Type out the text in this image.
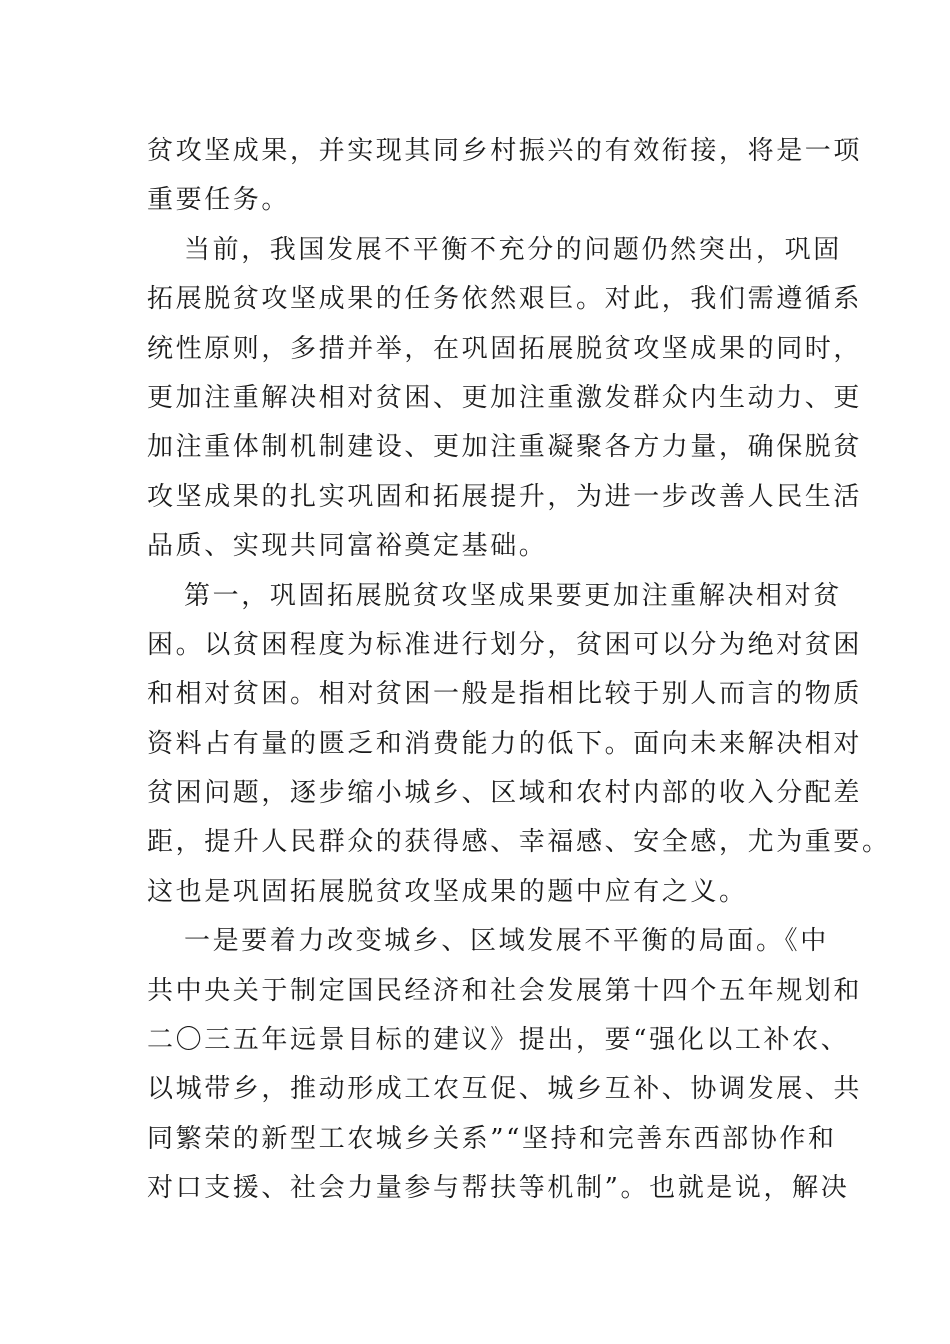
贫攻坚成果，并实现其同乡村振兴的有效衔接，将是一项
重要任务。
当前，我国发展不平衡不充分的问题仍然突出，巩固
拓展脱贫攻坚成果的任务依然艰巨。对此，我们需遵循系
统性原则，多措并举，在巩固拓展脱贫攻坚成果的同时，
更加注重解决相对贫困、更加注重激发群众内生动力、更
加注重体制机制建设、更加注重凝聚各方力量，确保脱贫
攻坚成果的扎实巩固和拓展提升，为进一步改善人民生活
品质、实现共同富裕奠定基础。
第一，巩固拓展脱贫攻坚成果要更加注重解决相对贫
困。以贫困程度为标准进行划分，贫困可以分为绝对贫困
和相对贫困。相对贫困一般是指相比较于别人而言的物质
资料占有量的匮乏和消费能力的低下。面向未来解决相对
贫困问题，逐步缩小城乡、区域和农村内部的收入分配差
距，提升人民群众的获得感、幸福感、安全感，尤为重要。
这也是巩固拓展脱贫攻坚成果的题中应有之义。
一是要着力改变城乡、区域发展不平衡的局面。《中
共中央关于制定国民经济和社会发展第十四个五年规划和
二〇三五年远景目标的建议》提出，要“强化以工补农、
以城带乡，推动形成工农互促、城乡互补、协调发展、共
同繁荣的新型工农城乡关系”“坚持和完善东西部协作和
对口支援、社会力量参与帮扶等机制”。也就是说，解决
